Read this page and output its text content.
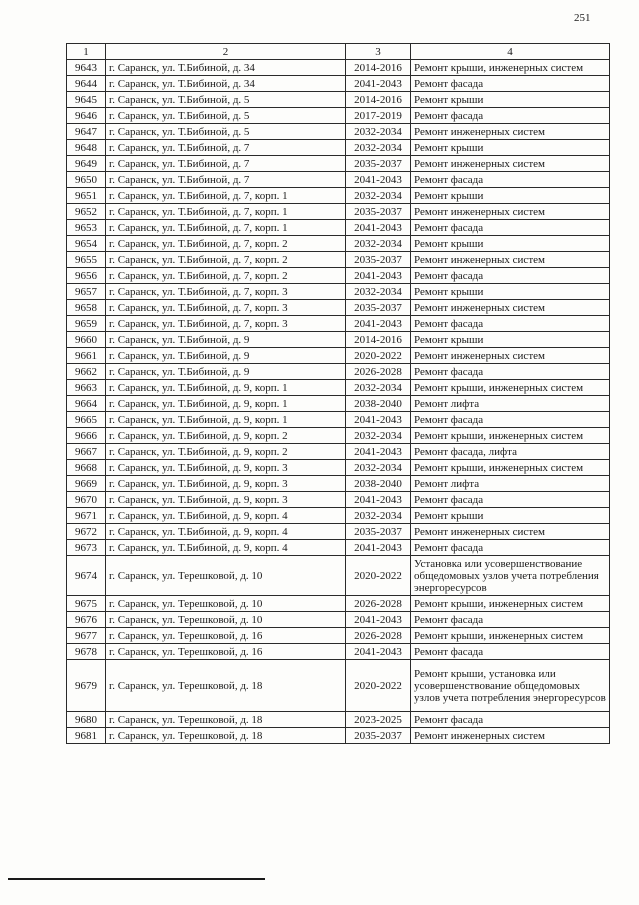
251
1	2	3	4
9643	г. Саранск, ул. Т.Бибиной, д. 34	2014-2016	Ремонт крыши, инженерных систем
9644	г. Саранск, ул. Т.Бибиной, д. 34	2041-2043	Ремонт фасада
9645	г. Саранск, ул. Т.Бибиной, д. 5	2014-2016	Ремонт крыши
9646	г. Саранск, ул. Т.Бибиной, д. 5	2017-2019	Ремонт фасада
9647	г. Саранск, ул. Т.Бибиной, д. 5	2032-2034	Ремонт инженерных систем
9648	г. Саранск, ул. Т.Бибиной, д. 7	2032-2034	Ремонт крыши
9649	г. Саранск, ул. Т.Бибиной, д. 7	2035-2037	Ремонт инженерных систем
9650	г. Саранск, ул. Т.Бибиной, д. 7	2041-2043	Ремонт фасада
9651	г. Саранск, ул. Т.Бибиной, д. 7, корп. 1	2032-2034	Ремонт крыши
9652	г. Саранск, ул. Т.Бибиной, д. 7, корп. 1	2035-2037	Ремонт инженерных систем
9653	г. Саранск, ул. Т.Бибиной, д. 7, корп. 1	2041-2043	Ремонт фасада
9654	г. Саранск, ул. Т.Бибиной, д. 7, корп. 2	2032-2034	Ремонт крыши
9655	г. Саранск, ул. Т.Бибиной, д. 7, корп. 2	2035-2037	Ремонт инженерных систем
9656	г. Саранск, ул. Т.Бибиной, д. 7, корп. 2	2041-2043	Ремонт фасада
9657	г. Саранск, ул. Т.Бибиной, д. 7, корп. 3	2032-2034	Ремонт крыши
9658	г. Саранск, ул. Т.Бибиной, д. 7, корп. 3	2035-2037	Ремонт инженерных систем
9659	г. Саранск, ул. Т.Бибиной, д. 7, корп. 3	2041-2043	Ремонт фасада
9660	г. Саранск, ул. Т.Бибиной, д. 9	2014-2016	Ремонт крыши
9661	г. Саранск, ул. Т.Бибиной, д. 9	2020-2022	Ремонт инженерных систем
9662	г. Саранск, ул. Т.Бибиной, д. 9	2026-2028	Ремонт фасада
9663	г. Саранск, ул. Т.Бибиной, д. 9, корп. 1	2032-2034	Ремонт крыши, инженерных систем
9664	г. Саранск, ул. Т.Бибиной, д. 9, корп. 1	2038-2040	Ремонт лифта
9665	г. Саранск, ул. Т.Бибиной, д. 9, корп. 1	2041-2043	Ремонт фасада
9666	г. Саранск, ул. Т.Бибиной, д. 9, корп. 2	2032-2034	Ремонт крыши, инженерных систем
9667	г. Саранск, ул. Т.Бибиной, д. 9, корп. 2	2041-2043	Ремонт фасада, лифта
9668	г. Саранск, ул. Т.Бибиной, д. 9, корп. 3	2032-2034	Ремонт крыши, инженерных систем
9669	г. Саранск, ул. Т.Бибиной, д. 9, корп. 3	2038-2040	Ремонт лифта
9670	г. Саранск, ул. Т.Бибиной, д. 9, корп. 3	2041-2043	Ремонт фасада
9671	г. Саранск, ул. Т.Бибиной, д. 9, корп. 4	2032-2034	Ремонт крыши
9672	г. Саранск, ул. Т.Бибиной, д. 9, корп. 4	2035-2037	Ремонт инженерных систем
9673	г. Саранск, ул. Т.Бибиной, д. 9, корп. 4	2041-2043	Ремонт фасада
9674	г. Саранск, ул. Терешковой, д. 10	2020-2022	Установка или усовершенствование общедомовых узлов учета потребления энергоресурсов
9675	г. Саранск, ул. Терешковой, д. 10	2026-2028	Ремонт крыши, инженерных систем
9676	г. Саранск, ул. Терешковой, д. 10	2041-2043	Ремонт фасада
9677	г. Саранск, ул. Терешковой, д. 16	2026-2028	Ремонт крыши, инженерных систем
9678	г. Саранск, ул. Терешковой, д. 16	2041-2043	Ремонт фасада
9679	г. Саранск, ул. Терешковой, д. 18	2020-2022	Ремонт крыши, установка или усовершенствование общедомовых узлов учета потребления энергоресурсов
9680	г. Саранск, ул. Терешковой, д. 18	2023-2025	Ремонт фасада
9681	г. Саранск, ул. Терешковой, д. 18	2035-2037	Ремонт инженерных систем
